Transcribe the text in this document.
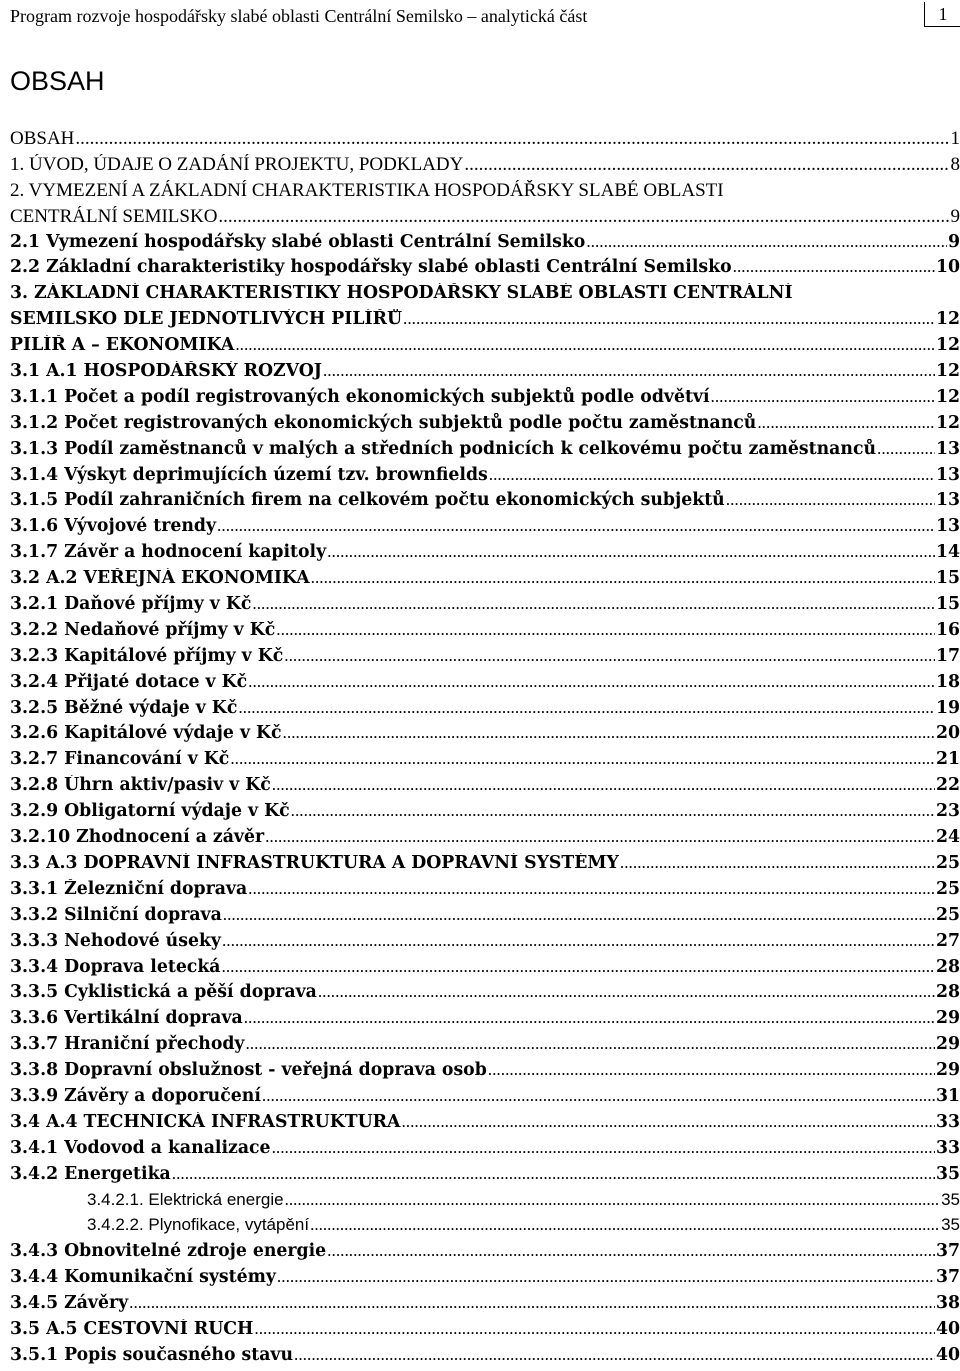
Program rozvoje hospodářsky slabé oblasti Centrální Semilsko – analytická část	1
OBSAH
OBSAH .....	1
1. ÚVOD, ÚDAJE O ZADÁNÍ PROJEKTU, PODKLADY .....	8
2. VYMEZENÍ A ZÁKLADNÍ CHARAKTERISTIKA HOSPODÁŘSKY SLABÉ OBLASTI
CENTRÁLNÍ SEMILSKO .....	9
2.1 Vymezení hospodářsky slabé oblasti Centrální Semilsko .....	9
2.2 Základní charakteristiky hospodářsky slabé oblasti Centrální Semilsko .....	10
3. ZÁKLADNÍ CHARAKTERISTIKY HOSPODÁŘSKY SLABÉ OBLASTI CENTRÁLNÍ
SEMILSKO DLE JEDNOTLIVÝCH PILÍŘŮ .....	12
PILÍŘ A – EKONOMIKA .....	12
3.1 A.1 HOSPODÁŘSKÝ ROZVOJ .....	12
3.1.1 Počet a podíl registrovaných ekonomických subjektů podle odvětví .....	12
3.1.2 Počet registrovaných ekonomických subjektů podle počtu zaměstnanců .....	12
3.1.3 Podíl zaměstnanců v malých a středních podnicích k celkovému počtu zaměstnanců .....	13
3.1.4 Výskyt deprimujících území tzv. brownfields .....	13
3.1.5 Podíl zahraničních firem na celkovém počtu ekonomických subjektů .....	13
3.1.6 Vývojové trendy .....	13
3.1.7 Závěr a hodnocení kapitoly .....	14
3.2 A.2 VEŘEJNÁ EKONOMIKA .....	15
3.2.1 Daňové příjmy v Kč .....	15
3.2.2 Nedaňové příjmy v Kč .....	16
3.2.3 Kapitálové příjmy v Kč .....	17
3.2.4 Přijaté dotace v Kč .....	18
3.2.5 Běžné výdaje v Kč .....	19
3.2.6 Kapitálové výdaje v Kč .....	20
3.2.7 Financování v Kč .....	21
3.2.8 Úhrn aktiv/pasiv v Kč .....	22
3.2.9 Obligatorní výdaje v Kč .....	23
3.2.10 Zhodnocení a závěr .....	24
3.3 A.3 DOPRAVNÍ INFRASTRUKTURA A DOPRAVNÍ SYSTÉMY .....	25
3.3.1 Železniční doprava .....	25
3.3.2 Silniční doprava .....	25
3.3.3 Nehodové úseky .....	27
3.3.4 Doprava letecká .....	28
3.3.5 Cyklistická a pěší doprava .....	28
3.3.6 Vertikální doprava .....	29
3.3.7 Hraniční přechody .....	29
3.3.8 Dopravní obslužnost - veřejná doprava osob .....	29
3.3.9 Závěry a doporučení .....	31
3.4 A.4 TECHNICKÁ INFRASTRUKTURA .....	33
3.4.1 Vodovod a kanalizace .....	33
3.4.2 Energetika .....	35
3.4.2.1. Elektrická energie .....	35
3.4.2.2. Plynofikace, vytápění .....	35
3.4.3 Obnovitelné zdroje energie .....	37
3.4.4 Komunikační systémy .....	37
3.4.5 Závěry .....	38
3.5 A.5 CESTOVNÍ RUCH .....	40
3.5.1 Popis současného stavu .....	40
